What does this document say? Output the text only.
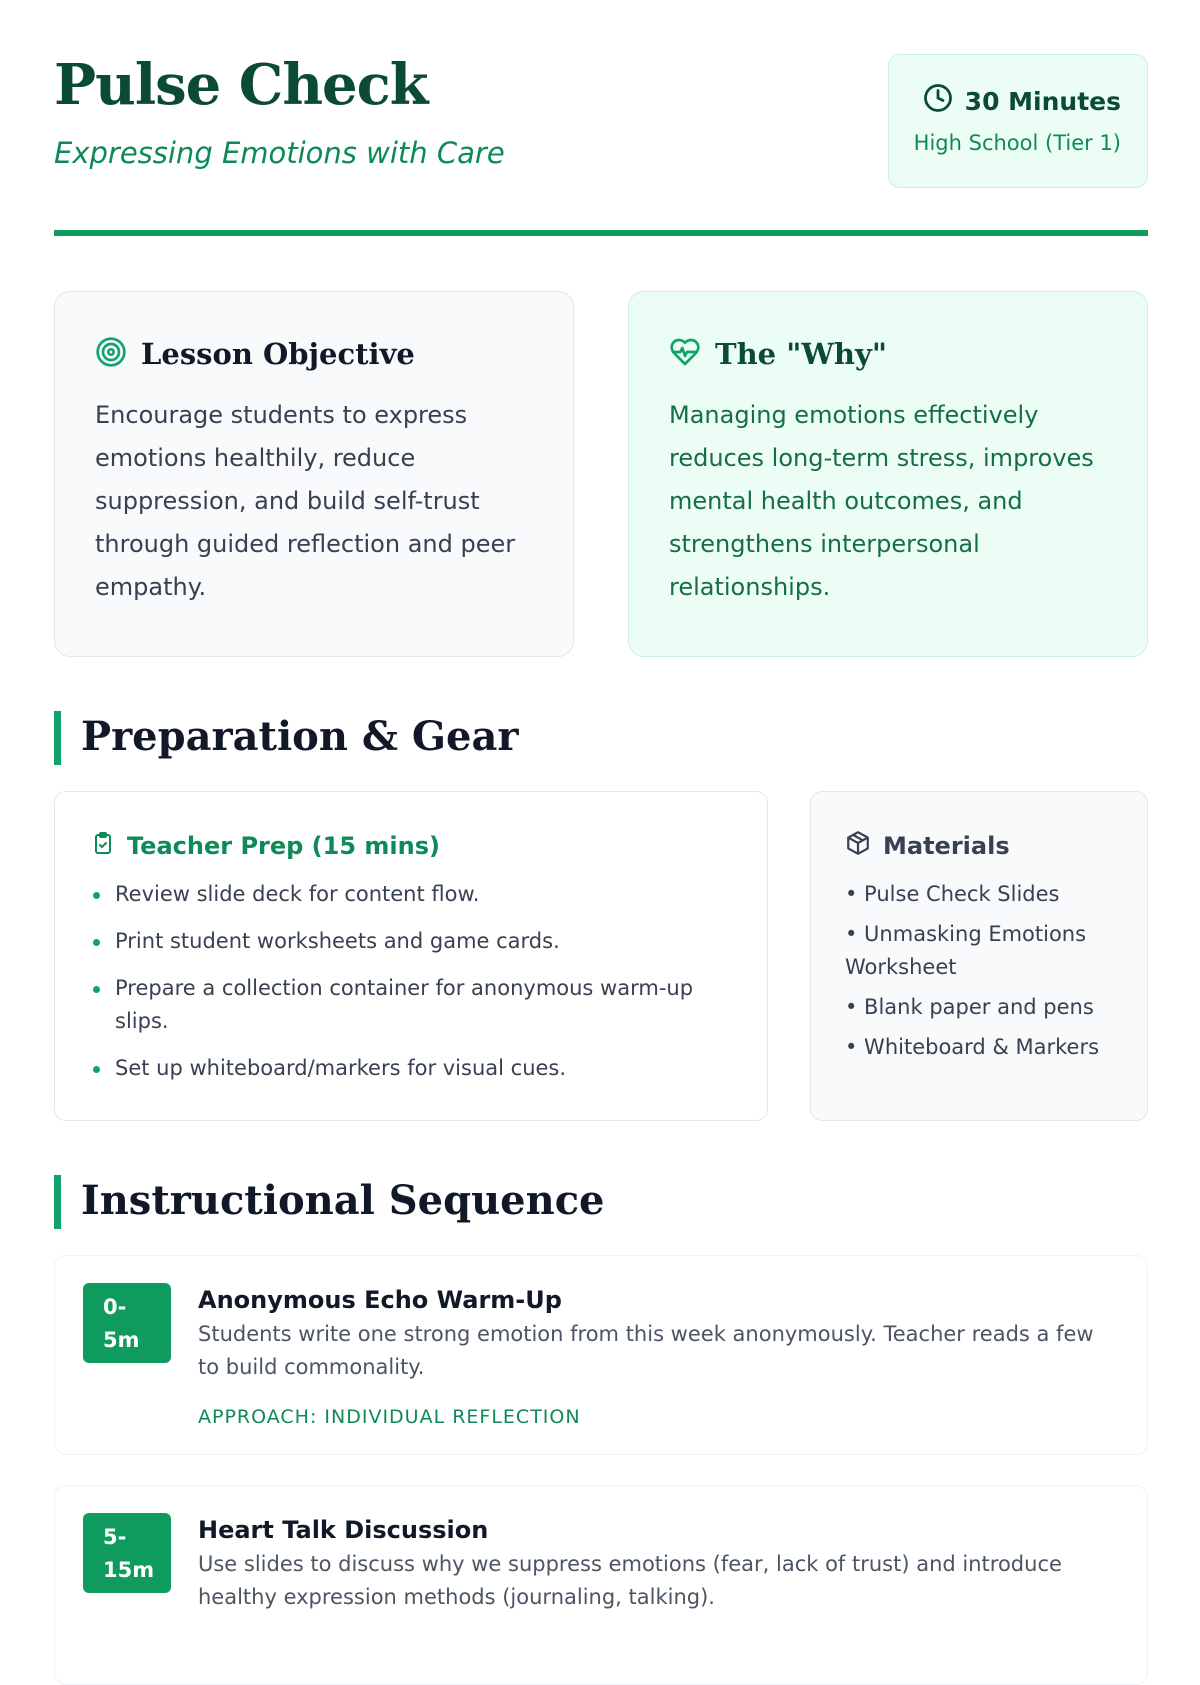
Pulse Check

Expressing Emotions with Care

30 Minutes
High School (Tier 1)
Lesson Objective
Encourage students to express emotions healthily, reduce suppression, and build self-trust through guided reflection and peer empathy.
The "Why"
Managing emotions effectively reduces long-term stress, improves mental health outcomes, and strengthens interpersonal relationships.
Preparation & Gear
Teacher Prep (15 mins)
Review slide deck for content flow.
Print student worksheets and game cards.
Prepare a collection container for anonymous warm-up slips.
Set up whiteboard/markers for visual cues.
Materials
• Pulse Check Slides
• Unmasking Emotions Worksheet
• Blank paper and pens
• Whiteboard & Markers
Instructional Sequence
0-
5m
Anonymous Echo Warm-Up
Students write one strong emotion from this week anonymously. Teacher reads a few to build commonality.
APPROACH: INDIVIDUAL REFLECTION
5-
15m
Heart Talk Discussion
Use slides to discuss why we suppress emotions (fear, lack of trust) and introduce healthy expression methods (journaling, talking).
